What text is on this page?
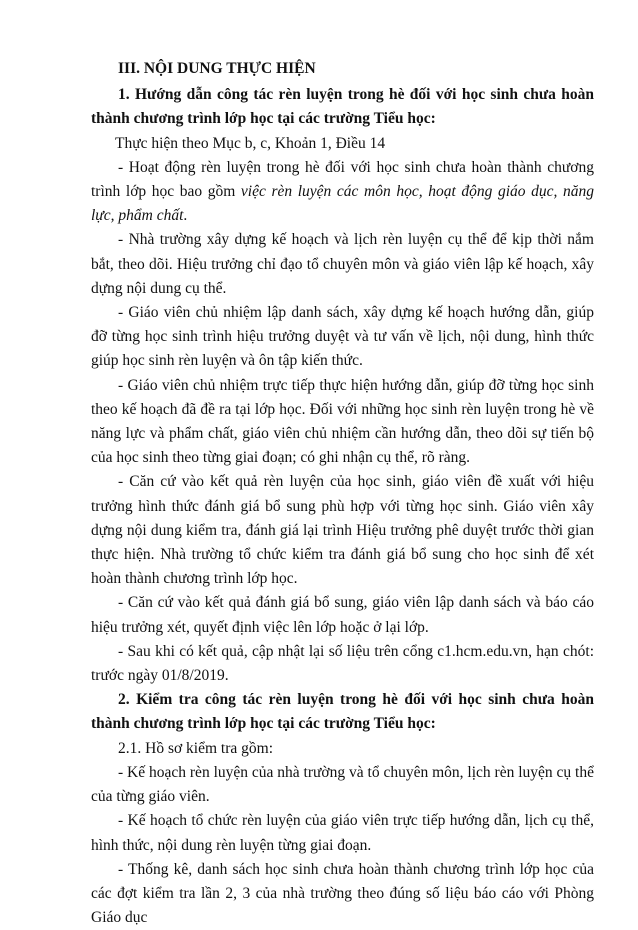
III. NỘI DUNG THỰC HIỆN

1. Hướng dẫn công tác rèn luyện trong hè đối với học sinh chưa hoàn thành chương trình lớp học tại các trường Tiểu học:

Thực hiện theo Mục b, c, Khoản 1, Điều 14

- Hoạt động rèn luyện trong hè đối với học sinh chưa hoàn thành chương trình lớp học bao gồm việc rèn luyện các môn học, hoạt động giáo dục, năng lực, phẩm chất.

- Nhà trường xây dựng kế hoạch và lịch rèn luyện cụ thể để kịp thời nắm bắt, theo dõi. Hiệu trưởng chỉ đạo tổ chuyên môn và giáo viên lập kế hoạch, xây dựng nội dung cụ thể.

- Giáo viên chủ nhiệm lập danh sách, xây dựng kế hoạch hướng dẫn, giúp đỡ từng học sinh trình hiệu trưởng duyệt và tư vấn về lịch, nội dung, hình thức giúp học sinh rèn luyện và ôn tập kiến thức.

- Giáo viên chủ nhiệm trực tiếp thực hiện hướng dẫn, giúp đỡ từng học sinh theo kế hoạch đã đề ra tại lớp học. Đối với những học sinh rèn luyện trong hè về năng lực và phẩm chất, giáo viên chủ nhiệm cần hướng dẫn, theo dõi sự tiến bộ của học sinh theo từng giai đoạn; có ghi nhận cụ thể, rõ ràng.

- Căn cứ vào kết quả rèn luyện của học sinh, giáo viên đề xuất với hiệu trưởng hình thức đánh giá bổ sung phù hợp với từng học sinh. Giáo viên xây dựng nội dung kiểm tra, đánh giá lại trình Hiệu trưởng phê duyệt trước thời gian thực hiện. Nhà trường tổ chức kiểm tra đánh giá bổ sung cho học sinh để xét hoàn thành chương trình lớp học.

- Căn cứ vào kết quả đánh giá bổ sung, giáo viên lập danh sách và báo cáo hiệu trưởng xét, quyết định việc lên lớp hoặc ở lại lớp.

- Sau khi có kết quả, cập nhật lại số liệu trên cổng c1.hcm.edu.vn, hạn chót: trước ngày 01/8/2019.

2. Kiểm tra công tác rèn luyện trong hè đối với học sinh chưa hoàn thành chương trình lớp học tại các trường Tiểu học:

2.1. Hồ sơ kiểm tra gồm:

- Kế hoạch rèn luyện của nhà trường và tổ chuyên môn, lịch rèn luyện cụ thể của từng giáo viên.

- Kế hoạch tổ chức rèn luyện của giáo viên trực tiếp hướng dẫn, lịch cụ thể, hình thức, nội dung rèn luyện từng giai đoạn.

- Thống kê, danh sách học sinh chưa hoàn thành chương trình lớp học của các đợt kiểm tra lần 2, 3 của nhà trường theo đúng số liệu báo cáo với Phòng Giáo dục
